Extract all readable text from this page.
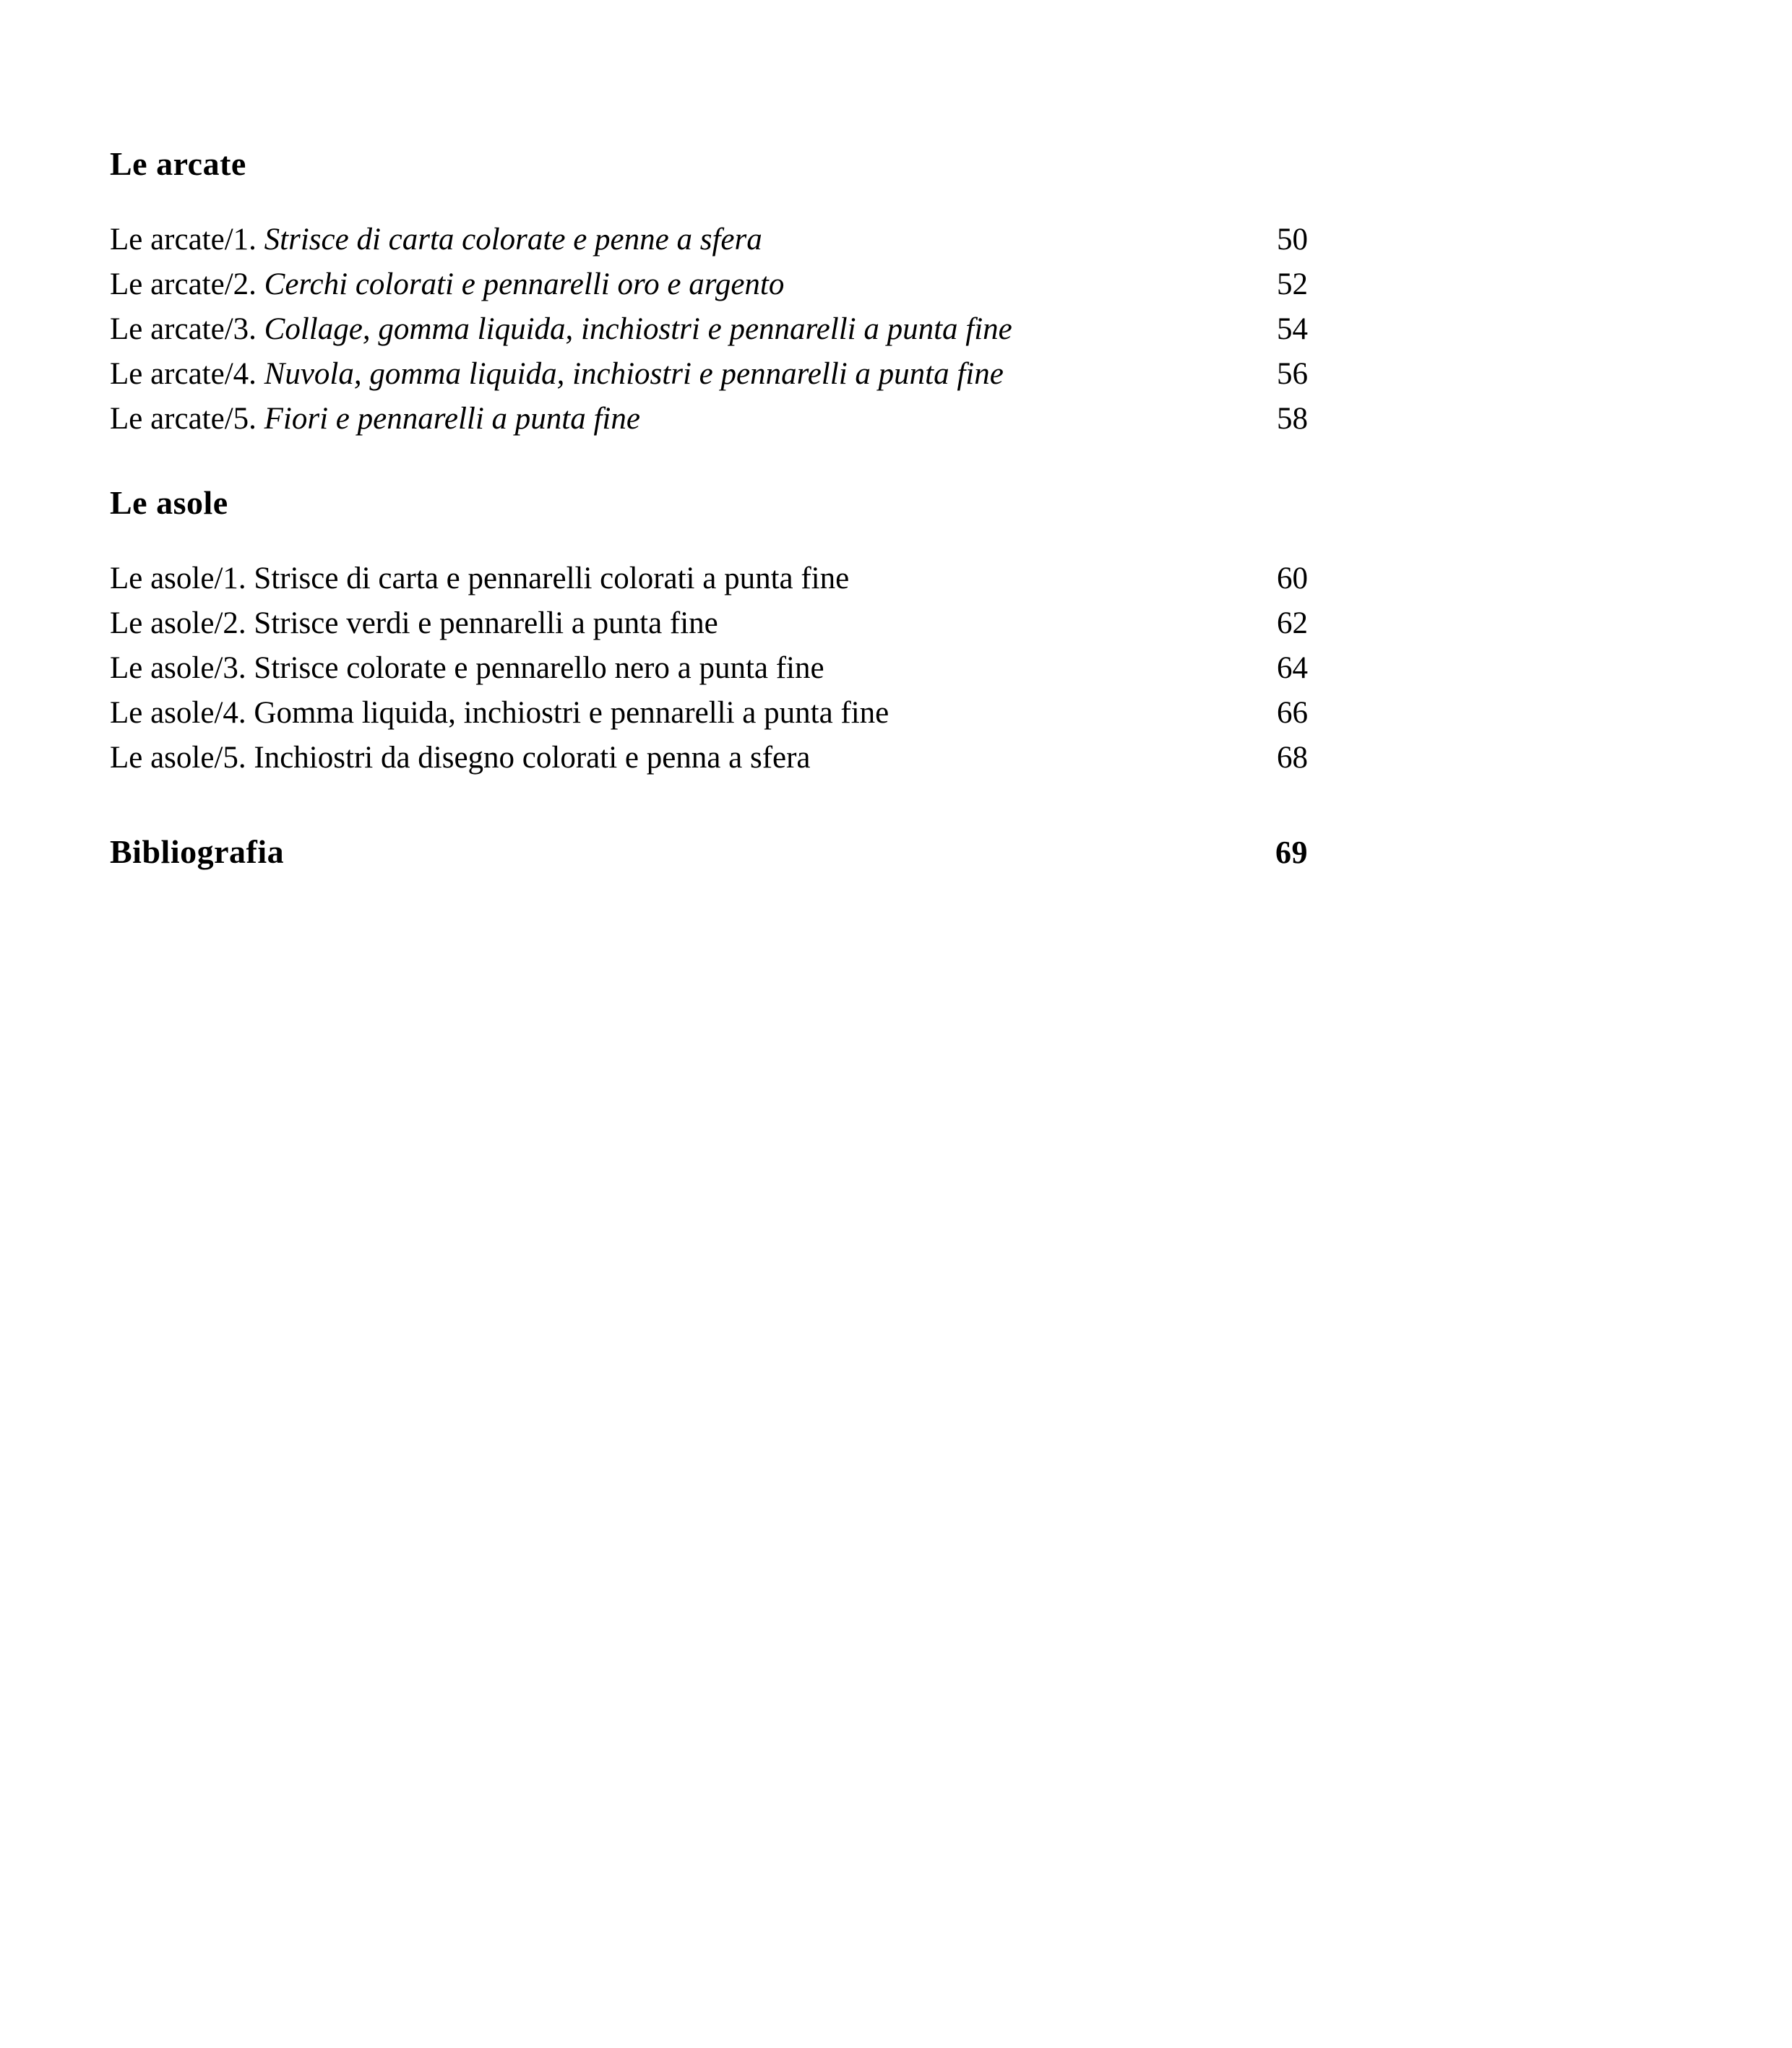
Le arcate
Le arcate/1. Strisce di carta colorate e penne a sfera	50
Le arcate/2. Cerchi colorati e pennarelli oro e argento	52
Le arcate/3. Collage, gomma liquida, inchiostri e pennarelli a punta fine	54
Le arcate/4. Nuvola, gomma liquida, inchiostri e pennarelli a punta fine	56
Le arcate/5. Fiori e pennarelli a punta fine	58
Le asole
Le asole/1. Strisce di carta e pennarelli colorati a punta fine	60
Le asole/2. Strisce verdi e pennarelli a punta fine	62
Le asole/3. Strisce colorate e pennarello nero a punta fine	64
Le asole/4. Gomma liquida, inchiostri e pennarelli a punta fine	66
Le asole/5. Inchiostri da disegno colorati e penna a sfera	68
Bibliografia	69
